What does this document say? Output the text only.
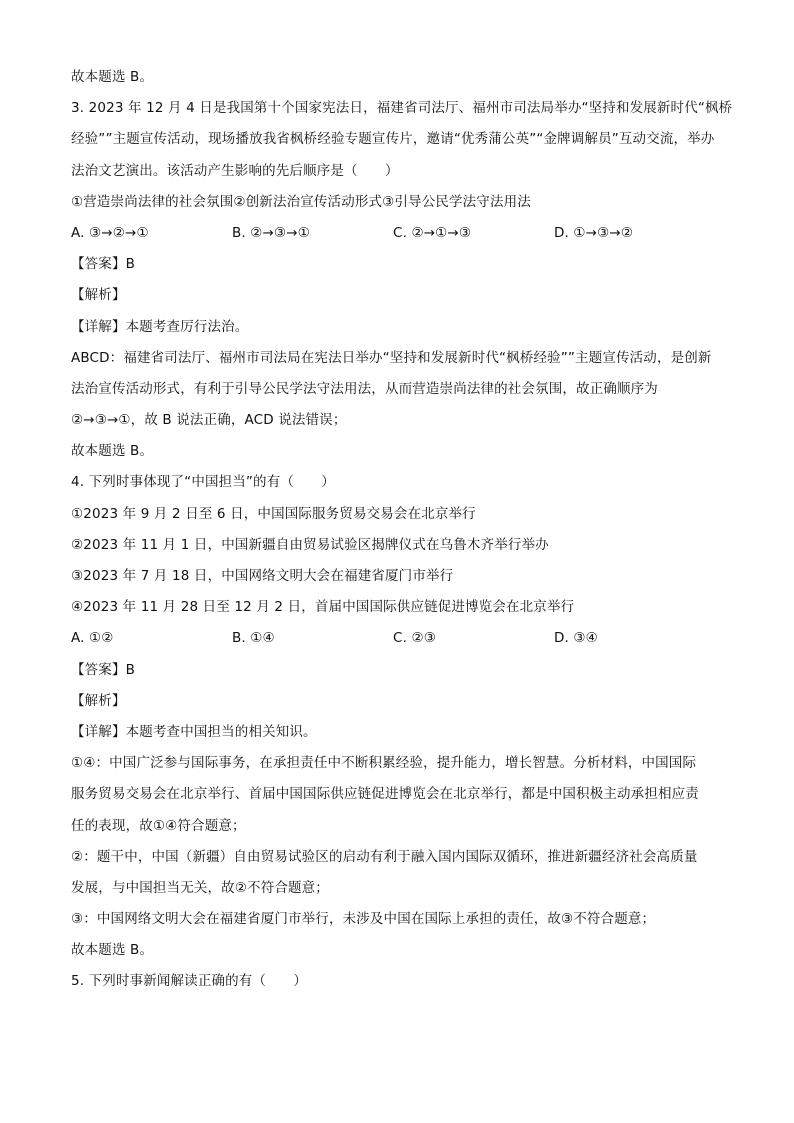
故本题选 B。
3. 2023 年 12 月 4 日是我国第十个国家宪法日，福建省司法厅、福州市司法局举办“坚持和发展新时代“枫桥
经验””主题宣传活动，现场播放我省枫桥经验专题宣传片，邀请“优秀蒲公英”“金牌调解员”互动交流，举办
法治文艺演出。该活动产生影响的先后顺序是（　　）
①营造崇尚法律的社会氛围②创新法治宣传活动形式③引导公民学法守法用法
A. ③→②→①	B. ②→③→①	C. ②→①→③	D. ①→③→②
【答案】B
【解析】
【详解】本题考查厉行法治。
ABCD：福建省司法厅、福州市司法局在宪法日举办“坚持和发展新时代“枫桥经验””主题宣传活动，是创新
法治宣传活动形式，有利于引导公民学法守法用法，从而营造崇尚法律的社会氛围，故正确顺序为
②→③→①，故 B 说法正确，ACD 说法错误；
故本题选 B。
4. 下列时事体现了“中国担当”的有（　　）
①2023 年 9 月 2 日至 6 日，中国国际服务贸易交易会在北京举行
②2023 年 11 月 1 日，中国新疆自由贸易试验区揭牌仪式在乌鲁木齐举行举办
③2023 年 7 月 18 日，中国网络文明大会在福建省厦门市举行
④2023 年 11 月 28 日至 12 月 2 日，首届中国国际供应链促进博览会在北京举行
A. ①②	B. ①④	C. ②③	D. ③④
【答案】B
【解析】
【详解】本题考查中国担当的相关知识。
①④：中国广泛参与国际事务，在承担责任中不断积累经验，提升能力，增长智慧。分析材料，中国国际
服务贸易交易会在北京举行、首届中国国际供应链促进博览会在北京举行，都是中国积极主动承担相应责
任的表现，故①④符合题意；
②：题干中，中国（新疆）自由贸易试验区的启动有利于融入国内国际双循环，推进新疆经济社会高质量
发展，与中国担当无关，故②不符合题意；
③：中国网络文明大会在福建省厦门市举行，未涉及中国在国际上承担的责任，故③不符合题意；
故本题选 B。
5. 下列时事新闻解读正确的有（　　）
